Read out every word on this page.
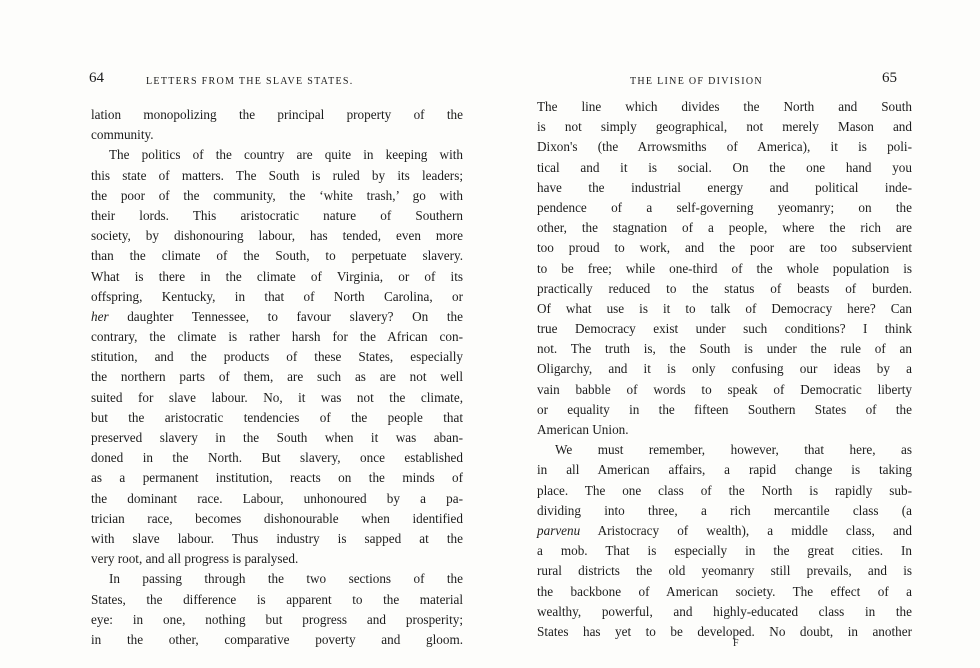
64	LETTERS FROM THE SLAVE STATES.
lation monopolizing the principal property of the
community.
The politics of the country are quite in keeping with
this state of matters. The South is ruled by its leaders;
the poor of the community, the ‘white trash,’ go with
their lords. This aristocratic nature of Southern
society, by dishonouring labour, has tended, even more
than the climate of the South, to perpetuate slavery.
What is there in the climate of Virginia, or of its
offspring, Kentucky, in that of North Carolina, or
her daughter Tennessee, to favour slavery? On the
contrary, the climate is rather harsh for the African con-
stitution, and the products of these States, especially
the northern parts of them, are such as are not well
suited for slave labour. No, it was not the climate,
but the aristocratic tendencies of the people that
preserved slavery in the South when it was aban-
doned in the North. But slavery, once established
as a permanent institution, reacts on the minds of
the dominant race. Labour, unhonoured by a pa-
trician race, becomes dishonourable when identified
with slave labour. Thus industry is sapped at the
very root, and all progress is paralysed.
In passing through the two sections of the
States, the difference is apparent to the material
eye: in one, nothing but progress and prosperity;
in the other, comparative poverty and gloom.
THE LINE OF DIVISION	65
The line which divides the North and South
is not simply geographical, not merely Mason and
Dixon's (the Arrowsmiths of America), it is poli-
tical and it is social. On the one hand you
have the industrial energy and political inde-
pendence of a self-governing yeomanry; on the
other, the stagnation of a people, where the rich are
too proud to work, and the poor are too subservient
to be free; while one-third of the whole population is
practically reduced to the status of beasts of burden.
Of what use is it to talk of Democracy here? Can
true Democracy exist under such conditions? I think
not. The truth is, the South is under the rule of an
Oligarchy, and it is only confusing our ideas by a
vain babble of words to speak of Democratic liberty
or equality in the fifteen Southern States of the
American Union.
We must remember, however, that here, as
in all American affairs, a rapid change is taking
place. The one class of the North is rapidly sub-
dividing into three, a rich mercantile class (a
parvenu Aristocracy of wealth), a middle class, and
a mob. That is especially in the great cities. In
rural districts the old yeomanry still prevails, and is
the backbone of American society. The effect of a
wealthy, powerful, and highly-educated class in the
States has yet to be developed. No doubt, in another
F
